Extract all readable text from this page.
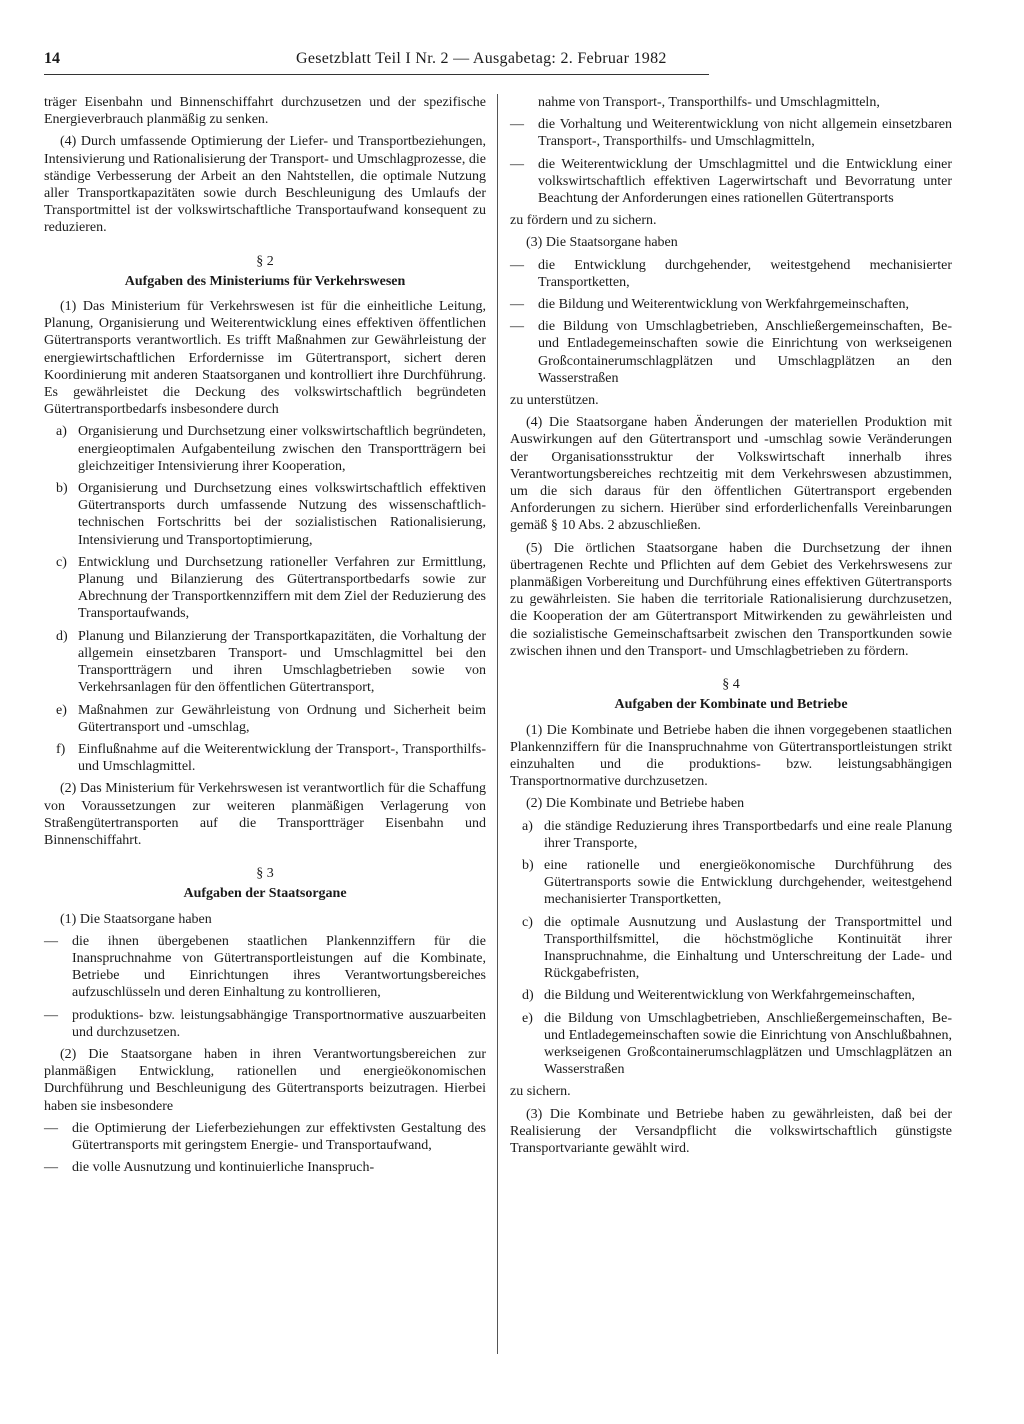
14	Gesetzblatt Teil I Nr. 2 — Ausgabetag: 2. Februar 1982

träger Eisenbahn und Binnenschiffahrt durchzusetzen und der spezifische Energieverbrauch planmäßig zu senken.

(4) Durch umfassende Optimierung der Liefer- und Transportbeziehungen, Intensivierung und Rationalisierung der Transport- und Umschlagprozesse, die ständige Verbesserung der Arbeit an den Nahtstellen, die optimale Nutzung aller Transportkapazitäten sowie durch Beschleunigung des Umlaufs der Transportmittel ist der volkswirtschaftliche Transportaufwand konsequent zu reduzieren.

§ 2
Aufgaben des Ministeriums für Verkehrswesen

(1) Das Ministerium für Verkehrswesen ist für die einheitliche Leitung, Planung, Organisierung und Weiterentwicklung eines effektiven öffentlichen Gütertransports verantwortlich. Es trifft Maßnahmen zur Gewährleistung der energiewirtschaftlichen Erfordernisse im Gütertransport, sichert deren Koordinierung mit anderen Staatsorganen und kontrolliert ihre Durchführung. Es gewährleistet die Deckung des volkswirtschaftlich begründeten Gütertransportbedarfs insbesondere durch

a) Organisierung und Durchsetzung einer volkswirtschaftlich begründeten, energieoptimalen Aufgabenteilung zwischen den Transportträgern bei gleichzeitiger Intensivierung ihrer Kooperation,
b) Organisierung und Durchsetzung eines volkswirtschaftlich effektiven Gütertransports durch umfassende Nutzung des wissenschaftlich-technischen Fortschritts bei der sozialistischen Rationalisierung, Intensivierung und Transportoptimierung,
c) Entwicklung und Durchsetzung rationeller Verfahren zur Ermittlung, Planung und Bilanzierung des Gütertransportbedarfs sowie zur Abrechnung der Transportkennziffern mit dem Ziel der Reduzierung des Transportaufwands,
d) Planung und Bilanzierung der Transportkapazitäten, die Vorhaltung der allgemein einsetzbaren Transport- und Umschlagmittel bei den Transportträgern und ihren Umschlagbetrieben sowie von Verkehrsanlagen für den öffentlichen Gütertransport,
e) Maßnahmen zur Gewährleistung von Ordnung und Sicherheit beim Gütertransport und -umschlag,
f) Einflußnahme auf die Weiterentwicklung der Transport-, Transporthilfs- und Umschlagmittel.

(2) Das Ministerium für Verkehrswesen ist verantwortlich für die Schaffung von Voraussetzungen zur weiteren planmäßigen Verlagerung von Straßengütertransporten auf die Transportträger Eisenbahn und Binnenschiffahrt.

§ 3
Aufgaben der Staatsorgane

(1) Die Staatsorgane haben

—	die ihnen übergebenen staatlichen Plankennziffern für die Inanspruchnahme von Gütertransportleistungen auf die Kombinate, Betriebe und Einrichtungen ihres Verantwortungsbereiches aufzuschlüsseln und deren Einhaltung zu kontrollieren,
—	produktions- bzw. leistungsabhängige Transportnormative auszuarbeiten und durchzusetzen.

(2) Die Staatsorgane haben in ihren Verantwortungsbereichen zur planmäßigen Entwicklung, rationellen und energieökonomischen Durchführung und Beschleunigung des Gütertransports beizutragen. Hierbei haben sie insbesondere

—	die Optimierung der Lieferbeziehungen zur effektivsten Gestaltung des Gütertransports mit geringstem Energie- und Transportaufwand,
—	die volle Ausnutzung und kontinuierliche Inanspruch-
nahme von Transport-, Transporthilfs- und Umschlagmitteln,
—	die Vorhaltung und Weiterentwicklung von nicht allgemein einsetzbaren Transport-, Transporthilfs- und Umschlagmitteln,
—	die Weiterentwicklung der Umschlagmittel und die Entwicklung einer volkswirtschaftlich effektiven Lagerwirtschaft und Bevorratung unter Beachtung der Anforderungen eines rationellen Gütertransports

zu fördern und zu sichern.

(3) Die Staatsorgane haben

—	die Entwicklung durchgehender, weitestgehend mechanisierter Transportketten,
—	die Bildung und Weiterentwicklung von Werkfahrgemeinschaften,
—	die Bildung von Umschlagbetrieben, Anschließergemeinschaften, Be- und Entladegemeinschaften sowie die Einrichtung von werkseigenen Großcontainerumschlagplätzen und Umschlagplätzen an den Wasserstraßen

zu unterstützen.

(4) Die Staatsorgane haben Änderungen der materiellen Produktion mit Auswirkungen auf den Gütertransport und -umschlag sowie Veränderungen der Organisationsstruktur der Volkswirtschaft innerhalb ihres Verantwortungsbereiches rechtzeitig mit dem Verkehrswesen abzustimmen, um die sich daraus für den öffentlichen Gütertransport ergebenden Anforderungen zu sichern. Hierüber sind erforderlichenfalls Vereinbarungen gemäß § 10 Abs. 2 abzuschließen.

(5) Die örtlichen Staatsorgane haben die Durchsetzung der ihnen übertragenen Rechte und Pflichten auf dem Gebiet des Verkehrswesens zur planmäßigen Vorbereitung und Durchführung eines effektiven Gütertransports zu gewährleisten. Sie haben die territoriale Rationalisierung durchzusetzen, die Kooperation der am Gütertransport Mitwirkenden zu gewährleisten und die sozialistische Gemeinschaftsarbeit zwischen den Transportkunden sowie zwischen ihnen und den Transport- und Umschlagbetrieben zu fördern.

§ 4
Aufgaben der Kombinate und Betriebe

(1) Die Kombinate und Betriebe haben die ihnen vorgegebenen staatlichen Plankennziffern für die Inanspruchnahme von Gütertransportleistungen strikt einzuhalten und die produktions- bzw. leistungsabhängigen Transportnormative durchzusetzen.

(2) Die Kombinate und Betriebe haben

a) die ständige Reduzierung ihres Transportbedarfs und eine reale Planung ihrer Transporte,
b) eine rationelle und energieökonomische Durchführung des Gütertransports sowie die Entwicklung durchgehender, weitestgehend mechanisierter Transportketten,
c) die optimale Ausnutzung und Auslastung der Transportmittel und Transporthilfsmittel, die höchstmögliche Kontinuität ihrer Inanspruchnahme, die Einhaltung und Unterschreitung der Lade- und Rückgabefristen,
d) die Bildung und Weiterentwicklung von Werkfahrgemeinschaften,
e) die Bildung von Umschlagbetrieben, Anschließergemeinschaften, Be- und Entladegemeinschaften sowie die Einrichtung von Anschlußbahnen, werkseigenen Großcontainerumschlagplätzen und Umschlagplätzen an Wasserstraßen

zu sichern.

(3) Die Kombinate und Betriebe haben zu gewährleisten, daß bei der Realisierung der Versandpflicht die volkswirtschaftlich günstigste Transportvariante gewählt wird.
